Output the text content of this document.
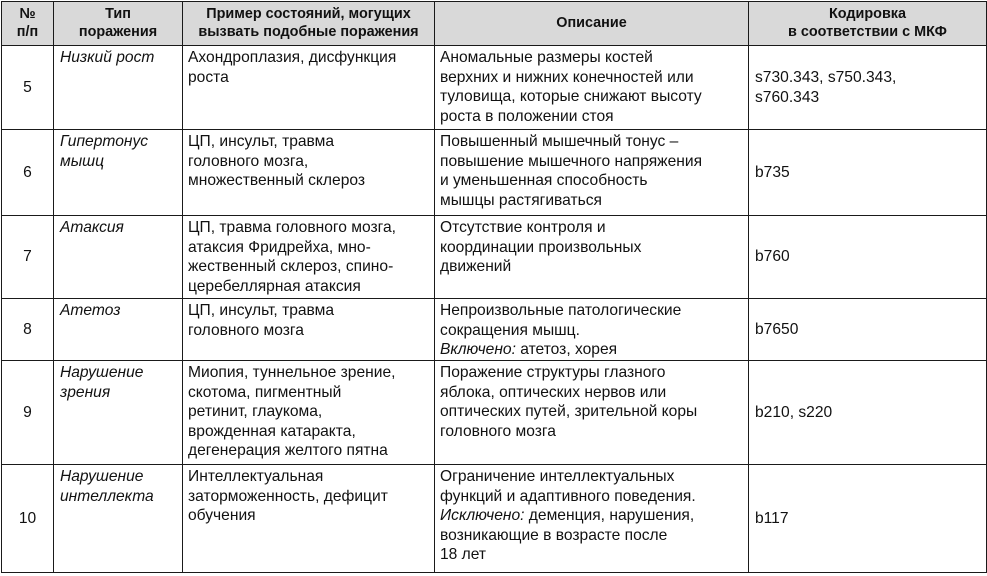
№
п/п	Тип
поражения	Пример состояний, могущих
вызвать подобные поражения	Описание	Кодировка
в соответствии с МКФ

5	Низкий рост	Ахондроплазия, дисфункция
роста	Аномальные размеры костей
верхних и нижних конечностей или
туловища, которые снижают высоту
роста в положении стоя	s730.343, s750.343,
s760.343

6	Гипертонус
мышц	ЦП, инсульт, травма
головного мозга,
множественный склероз	Повышенный мышечный тонус –
повышение мышечного напряжения
и уменьшенная способность
мышцы растягиваться	b735

7	Атаксия	ЦП, травма головного мозга,
атаксия Фридрейха, мно-
жественный склероз, спино-
церебеллярная атаксия	Отсутствие контроля и
координации произвольных
движений	b760

8	Атетоз	ЦП, инсульт, травма
головного мозга	Непроизвольные патологические
сокращения мышц.
Включено: атетоз, хорея	b7650

9	Нарушение
зрения	Миопия, туннельное зрение,
скотома, пигментный
ретинит, глаукома,
врожденная катаракта,
дегенерация желтого пятна	Поражение структуры глазного
яблока, оптических нервов или
оптических путей, зрительной коры
головного мозга	b210, s220

10	Нарушение
интеллекта	Интеллектуальная
заторможенность, дефицит
обучения	Ограничение интеллектуальных
функций и адаптивного поведения.
Исключено: деменция, нарушения,
возникающие в возрасте после
18 лет	b117
